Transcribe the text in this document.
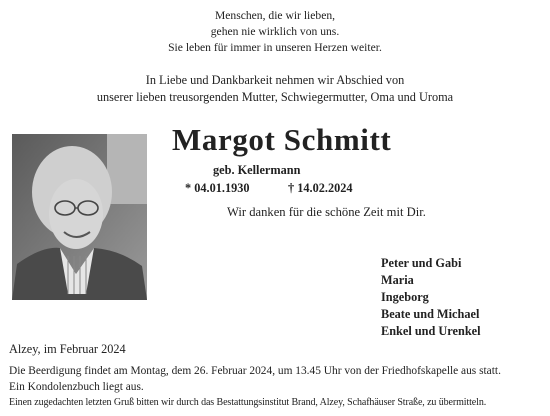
Menschen, die wir lieben,
gehen nie wirklich von uns.
Sie leben für immer in unseren Herzen weiter.
In Liebe und Dankbarkeit nehmen wir Abschied von
unserer lieben treusorgenden Mutter, Schwiegermutter, Oma und Uroma
Margot Schmitt
geb. Kellermann
* 04.01.1930	† 14.02.2024
Wir danken für die schöne Zeit mit Dir.
Peter und Gabi
Maria
Ingeborg
Beate und Michael
Enkel und Urenkel
Alzey, im Februar 2024
Die Beerdigung findet am Montag, dem 26. Februar 2024, um 13.45 Uhr von der Friedhofskapelle aus statt.
Ein Kondolenzbuch liegt aus.
Einen zugedachten letzten Gruß bitten wir durch das Bestattungsinstitut Brand, Alzey, Schafhäuser Straße, zu übermitteln.
